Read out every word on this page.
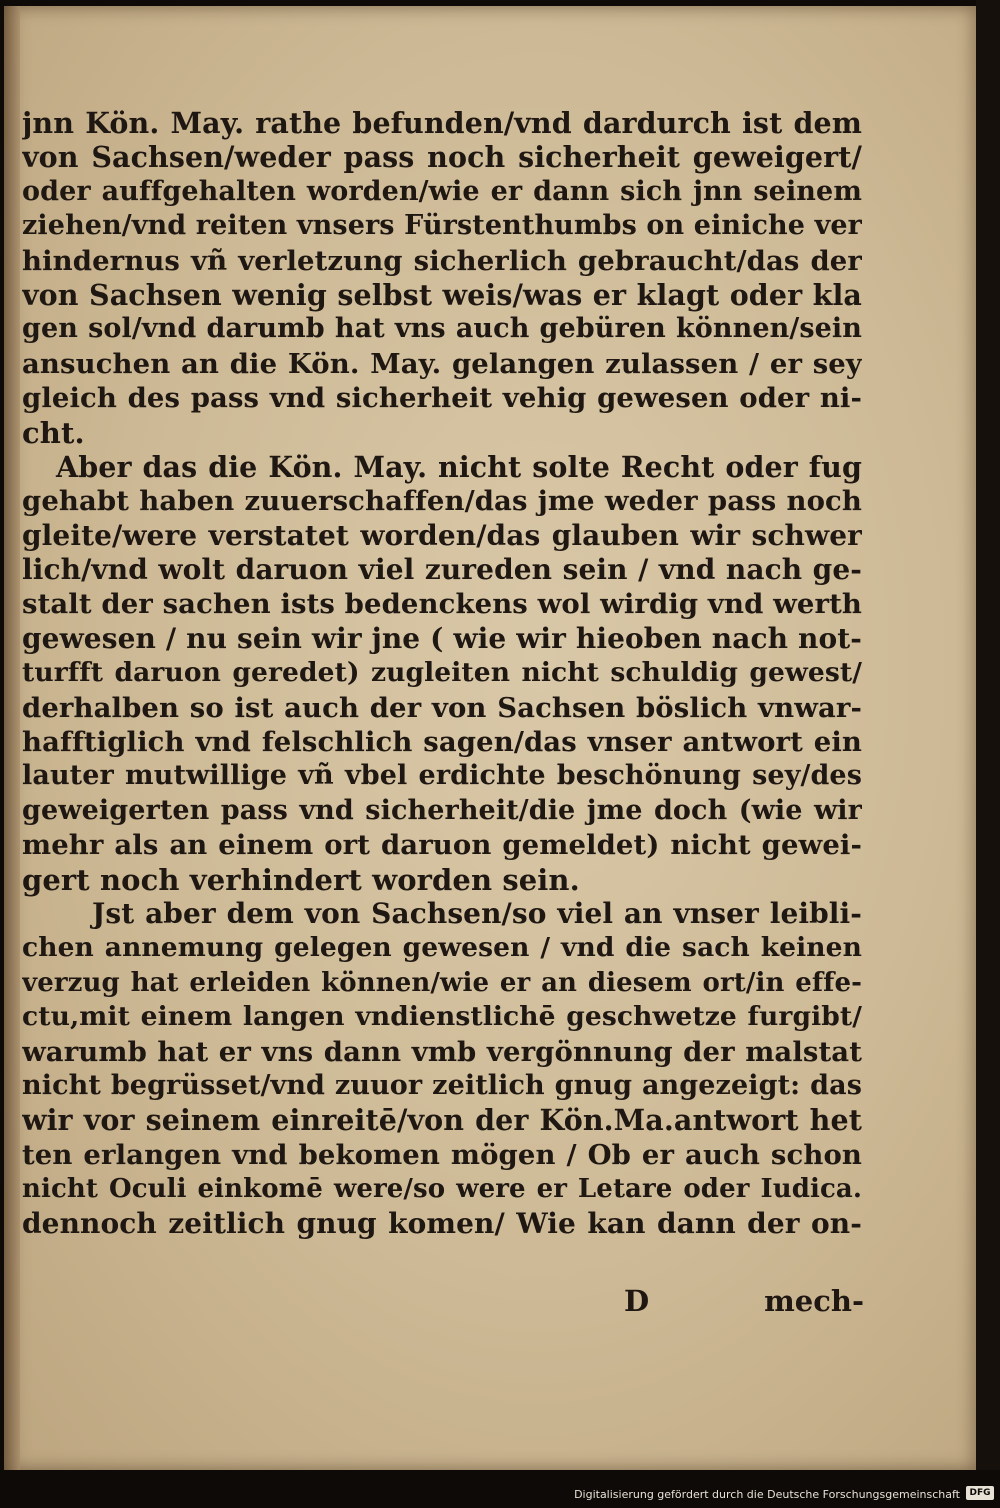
jnn Kön. May. rathe befunden/vnd dardurch ist dem
von Sachsen/weder pass noch sicherheit geweigert/
oder auffgehalten worden/wie er dann sich jnn seinem
ziehen/vnd reiten vnsers Fürstenthumbs on einiche ver
hindernus vñ verletzung sicherlich gebraucht/das der
von Sachsen wenig selbst weis/was er klagt oder kla
gen sol/vnd darumb hat vns auch gebüren können/sein
ansuchen an die Kön. May. gelangen zulassen / er sey
gleich des pass vnd sicherheit vehig gewesen oder ni-
cht.
Aber das die Kön. May. nicht solte Recht oder fug
gehabt haben zuuerschaffen/das jme weder pass noch
gleite/were verstatet worden/das glauben wir schwer
lich/vnd wolt daruon viel zureden sein / vnd nach ge-
stalt der sachen ists bedenckens wol wirdig vnd werth
gewesen / nu sein wir jne ( wie wir hieoben nach not-
turfft daruon geredet) zugleiten nicht schuldig gewest/
derhalben so ist auch der von Sachsen böslich vnwar-
hafftiglich vnd felschlich sagen/das vnser antwort ein
lauter mutwillige vñ vbel erdichte beschönung sey/des
geweigerten pass vnd sicherheit/die jme doch (wie wir
mehr als an einem ort daruon gemeldet) nicht gewei-
gert noch verhindert worden sein.
Jst aber dem von Sachsen/so viel an vnser leibli-
chen annemung gelegen gewesen / vnd die sach keinen
verzug hat erleiden können/wie er an diesem ort/in effe-
ctu,mit einem langen vndienstlichē geschwetze furgibt/
warumb hat er vns dann vmb vergönnung der malstat
nicht begrüsset/vnd zuuor zeitlich gnug angezeigt: das
wir vor seinem einreitē/von der Kön.Ma.antwort het
ten erlangen vnd bekomen mögen / Ob er auch schon
nicht Oculi einkomē were/so were er Letare oder Iudica.
dennoch zeitlich gnug komen/ Wie kan dann der on-
D	mech-
Digitalisierung gefördert durch die Deutsche Forschungsgemeinschaft	DFG
